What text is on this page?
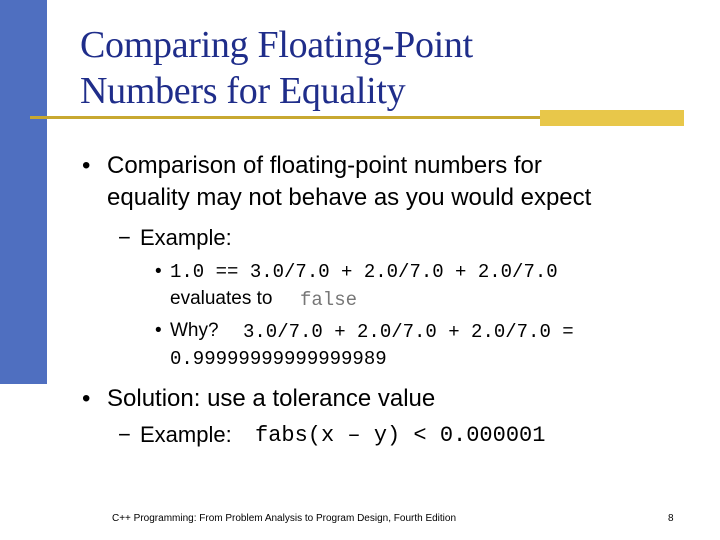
Comparing Floating-Point
Numbers for Equality
• Comparison of floating-point numbers for
equality may not behave as you would expect
− Example:
• 1.0 == 3.0/7.0 + 2.0/7.0 + 2.0/7.0
evaluates to false
• Why? 3.0/7.0 + 2.0/7.0 + 2.0/7.0 =
0.99999999999999989
• Solution: use a tolerance value
− Example: fabs(x – y) < 0.000001
C++ Programming: From Problem Analysis to Program Design, Fourth Edition	8
